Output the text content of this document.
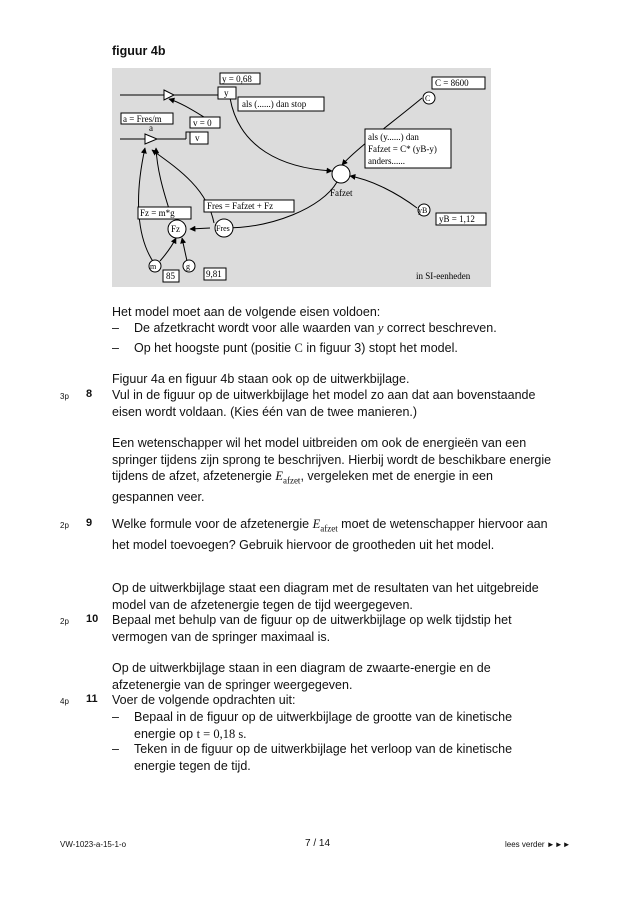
figuur 4b
y = 0,68
y
als (......) dan stop
C = 8600
C
a = Fres/m
a	v = 0
v	als (y......) dan
Fafzet = C* (yB-y)
anders......
Fafzet
Fres = Fafzet + Fz
Fz = m*g
Fz	Fres
yB
yB = 1,12
m
85
g
9,81	in SI-eenheden
Het model moet aan de volgende eisen voldoen:
– De afzetkracht wordt voor alle waarden van y correct beschreven.
– Op het hoogste punt (positie C in figuur 3) stopt het model.
Figuur 4a en figuur 4b staan ook op de uitwerkbijlage.
3p 8 Vul in de figuur op de uitwerkbijlage het model zo aan dat aan bovenstaande eisen wordt voldaan. (Kies één van de twee manieren.)
Een wetenschapper wil het model uitbreiden om ook de energieën van een springer tijdens zijn sprong te beschrijven. Hierbij wordt de beschikbare energie tijdens de afzet, afzetenergie $E_{afzet}$, vergeleken met de energie in een gespannen veer.
2p 9 Welke formule voor de afzetenergie $E_{afzet}$ moet de wetenschapper hiervoor aan het model toevoegen? Gebruik hiervoor de grootheden uit het model.
Op de uitwerkbijlage staat een diagram met de resultaten van het uitgebreide model van de afzetenergie tegen de tijd weergegeven.
2p 10 Bepaal met behulp van de figuur op de uitwerkbijlage op welk tijdstip het vermogen van de springer maximaal is.
Op de uitwerkbijlage staan in een diagram de zwaarte-energie en de afzetenergie van de springer weergegeven.
4p 11 Voer de volgende opdrachten uit:
– Bepaal in de figuur op de uitwerkbijlage de grootte van de kinetische energie op t = 0,18 s.
– Teken in de figuur op de uitwerkbijlage het verloop van de kinetische energie tegen de tijd.
VW-1023-a-15-1-o	7 / 14	lees verder ►►►
